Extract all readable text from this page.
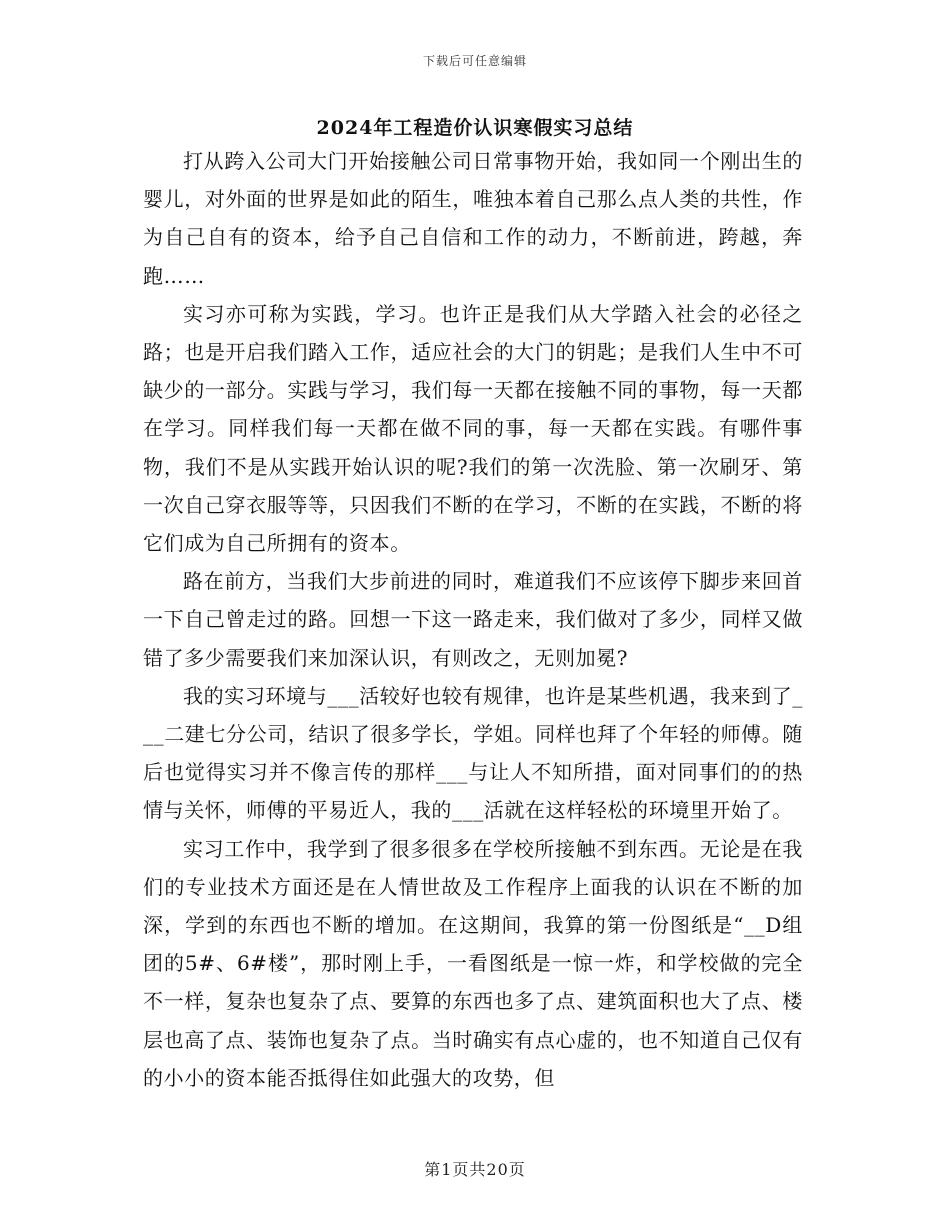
下载后可任意编辑
2024年工程造价认识寒假实习总结

打从跨入公司大门开始接触公司日常事物开始，我如同一个刚出生的婴儿，对外面的世界是如此的陌生，唯独本着自己那么点人类的共性，作为自己自有的资本，给予自己自信和工作的动力，不断前进，跨越，奔跑……

实习亦可称为实践，学习。也许正是我们从大学踏入社会的必径之路；也是开启我们踏入工作，适应社会的大门的钥匙；是我们人生中不可缺少的一部分。实践与学习，我们每一天都在接触不同的事物，每一天都在学习。同样我们每一天都在做不同的事，每一天都在实践。有哪件事物，我们不是从实践开始认识的呢?我们的第一次洗脸、第一次刷牙、第一次自己穿衣服等等，只因我们不断的在学习，不断的在实践，不断的将它们成为自己所拥有的资本。

路在前方，当我们大步前进的同时，难道我们不应该停下脚步来回首一下自己曾走过的路。回想一下这一路走来，我们做对了多少，同样又做错了多少需要我们来加深认识，有则改之，无则加冕?

我的实习环境与___活较好也较有规律，也许是某些机遇，我来到了___二建七分公司，结识了很多学长，学姐。同样也拜了个年轻的师傅。随后也觉得实习并不像言传的那样___与让人不知所措，面对同事们的的热情与关怀，师傅的平易近人，我的___活就在这样轻松的环境里开始了。

实习工作中，我学到了很多很多在学校所接触不到东西。无论是在我们的专业技术方面还是在人情世故及工作程序上面我的认识在不断的加深，学到的东西也不断的增加。在这期间，我算的第一份图纸是“__D组团的5#、6#楼”，那时刚上手，一看图纸是一惊一炸，和学校做的完全不一样，复杂也复杂了点、要算的东西也多了点、建筑面积也大了点、楼层也高了点、装饰也复杂了点。当时确实有点心虚的，也不知道自己仅有的小小的资本能否抵得住如此强大的攻势，但

第1页共20页
